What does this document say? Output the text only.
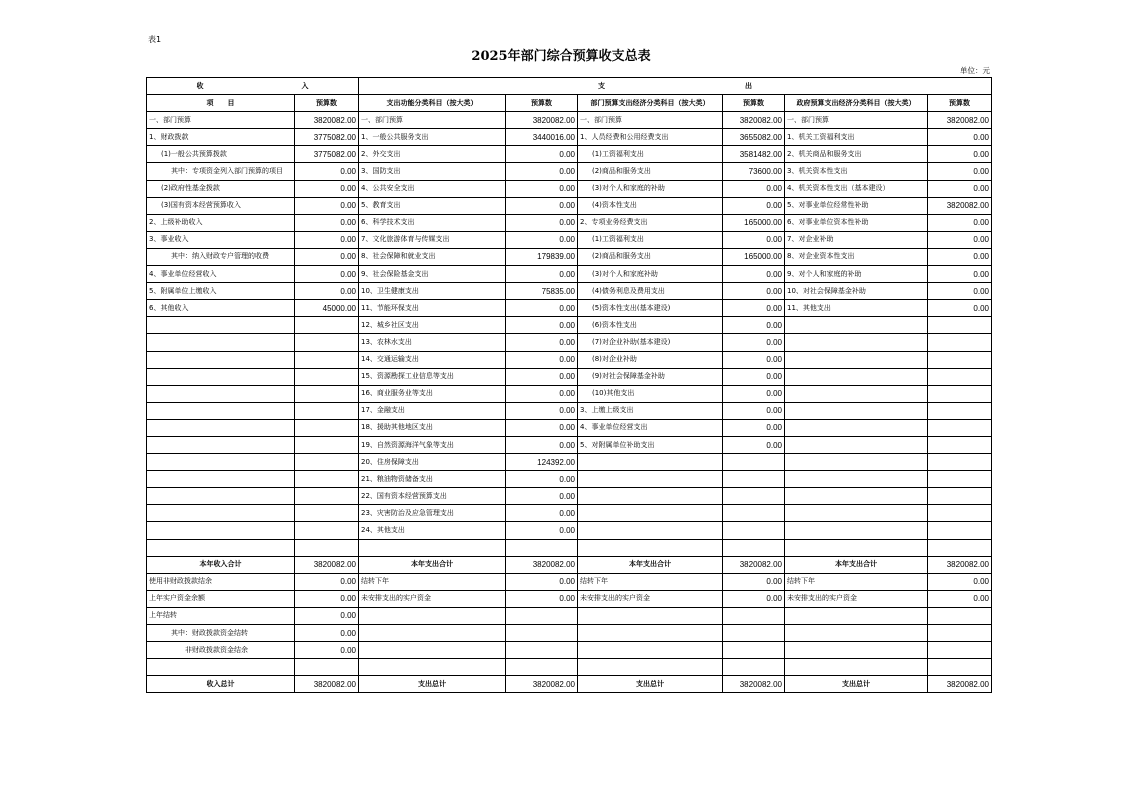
表1
2025年部门综合预算收支总表
单位：元
收　　　　　　　　　　　　　　入		支　　　　　　　　　　　　　　　　　　　　出					
项　　目	预算数	支出功能分类科目（按大类）	预算数	部门预算支出经济分类科目（按大类）	预算数	政府预算支出经济分类科目（按大类）	预算数
一、部门预算	3820082.00	一、部门预算	3820082.00	一、部门预算	3820082.00	一、部门预算	3820082.00
1、财政拨款	3775082.00	1、一般公共服务支出	3440016.00	1、人员经费和公用经费支出	3655082.00	1、机关工资福利支出	0.00
(1)一般公共预算拨款	3775082.00	2、外交支出	0.00	(1)工资福利支出	3581482.00	2、机关商品和服务支出	0.00
其中：专项资金列入部门预算的项目	0.00	3、国防支出	0.00	(2)商品和服务支出	73600.00	3、机关资本性支出	0.00
(2)政府性基金拨款	0.00	4、公共安全支出	0.00	(3)对个人和家庭的补助	0.00	4、机关资本性支出（基本建设）	0.00
(3)国有资本经营预算收入	0.00	5、教育支出	0.00	(4)资本性支出	0.00	5、对事业单位经常性补助	3820082.00
2、上级补助收入	0.00	6、科学技术支出	0.00	2、专项业务经费支出	165000.00	6、对事业单位资本性补助	0.00
3、事业收入	0.00	7、文化旅游体育与传媒支出	0.00	(1)工资福利支出	0.00	7、对企业补助	0.00
其中：纳入财政专户管理的收费	0.00	8、社会保障和就业支出	179839.00	(2)商品和服务支出	165000.00	8、对企业资本性支出	0.00
4、事业单位经营收入	0.00	9、社会保险基金支出	0.00	(3)对个人和家庭补助	0.00	9、对个人和家庭的补助	0.00
5、附属单位上缴收入	0.00	10、卫生健康支出	75835.00	(4)债务利息及费用支出	0.00	10、对社会保障基金补助	0.00
6、其他收入	45000.00	11、节能环保支出	0.00	(5)资本性支出(基本建设)	0.00	11、其他支出	0.00
		12、城乡社区支出	0.00	(6)资本性支出	0.00		
		13、农林水支出	0.00	(7)对企业补助(基本建设)	0.00		
		14、交通运输支出	0.00	(8)对企业补助	0.00		
		15、资源勘探工业信息等支出	0.00	(9)对社会保障基金补助	0.00		
		16、商业服务业等支出	0.00	(10)其他支出	0.00		
		17、金融支出	0.00	3、上缴上级支出	0.00		
		18、援助其他地区支出	0.00	4、事业单位经营支出	0.00		
		19、自然资源海洋气象等支出	0.00	5、对附属单位补助支出	0.00		
		20、住房保障支出	124392.00				
		21、粮油物资储备支出	0.00				
		22、国有资本经营预算支出	0.00				
		23、灾害防治及应急管理支出	0.00				
		24、其他支出	0.00				

本年收入合计	3820082.00	本年支出合计	3820082.00	本年支出合计	3820082.00	本年支出合计	3820082.00
使用非财政拨款结余	0.00	结转下年	0.00	结转下年	0.00	结转下年	0.00
上年实户资金余额	0.00	未安排支出的实户资金	0.00	未安排支出的实户资金	0.00	未安排支出的实户资金	0.00
上年结转	0.00						
其中：财政拨款资金结转	0.00						
非财政拨款资金结余	0.00						

收入总计	3820082.00	支出总计	3820082.00	支出总计	3820082.00	支出总计	3820082.00
